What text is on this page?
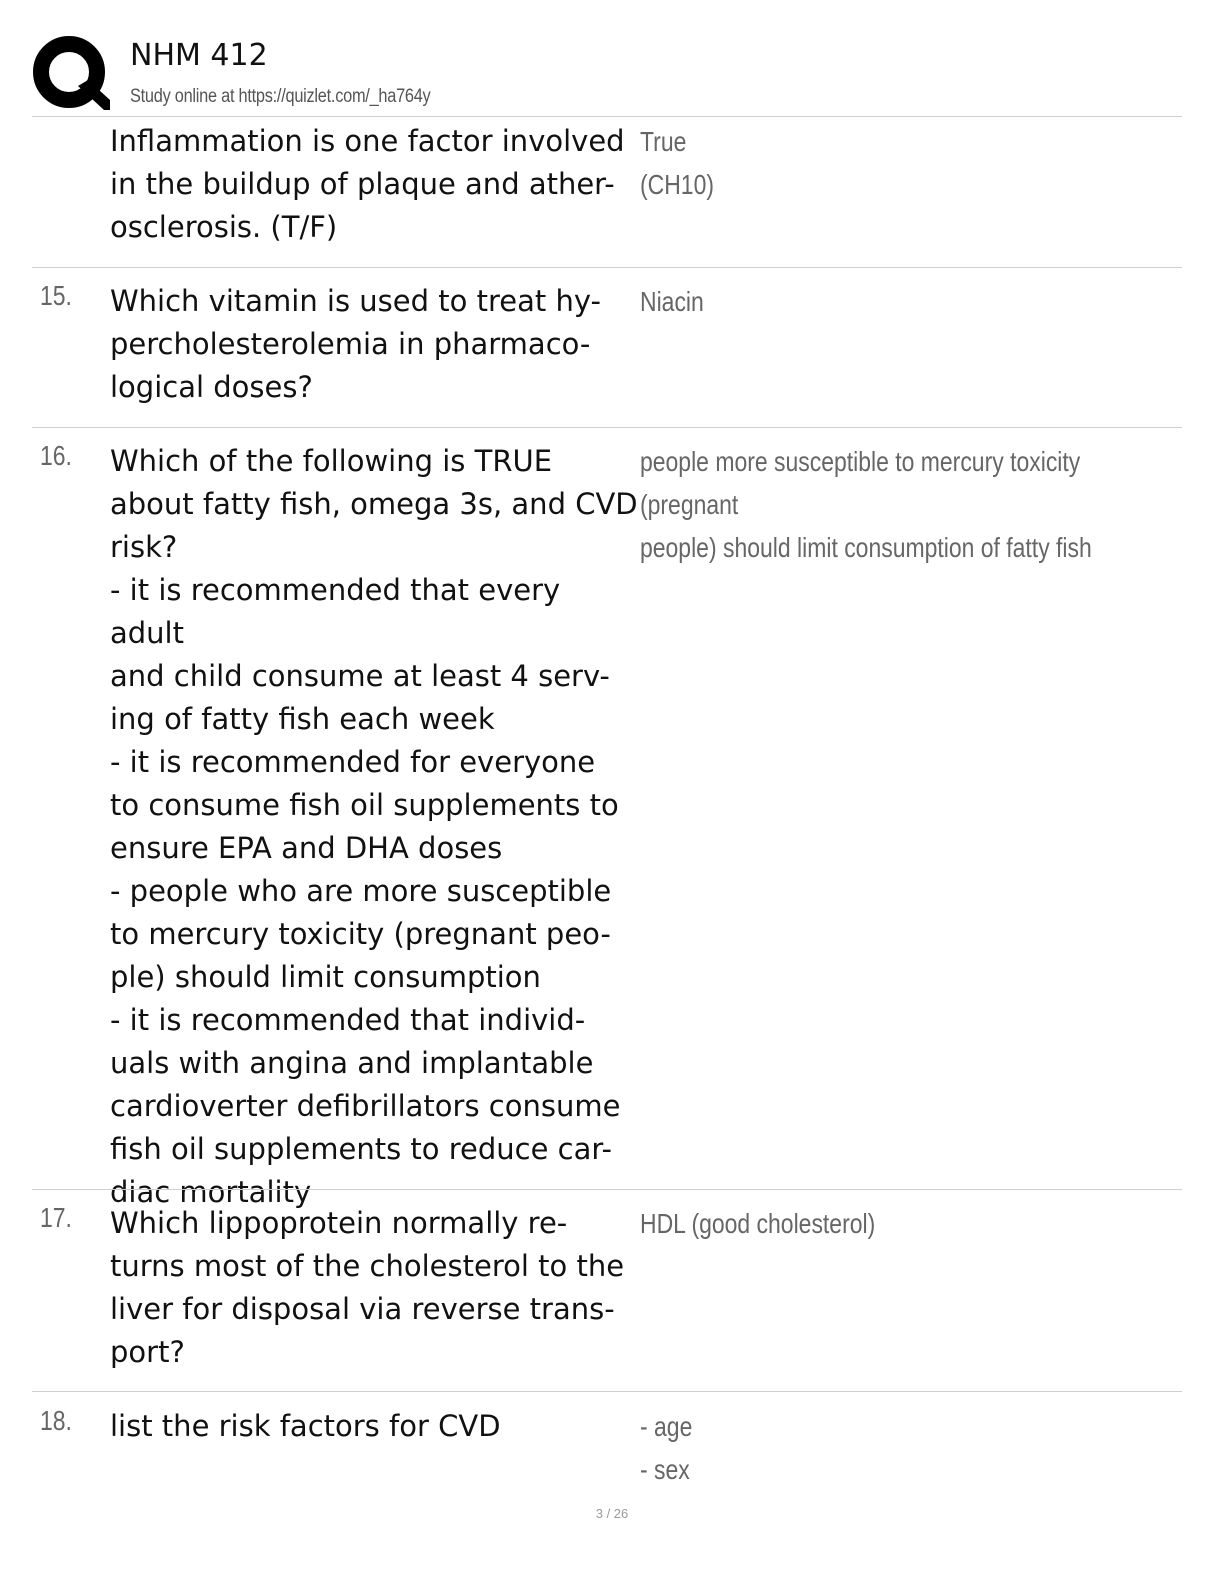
NHM 412
Study online at https://quizlet.com/_ha764y
Inflammation is one factor involved
in the buildup of plaque and ather-
osclerosis. (T/F)
True
(CH10)
15. Which vitamin is used to treat hy-
percholesterolemia in pharmaco-
logical doses?
Niacin
16. Which of the following is TRUE
about fatty fish, omega 3s, and CVD
risk?
- it is recommended that every adult
and child consume at least 4 serv-
ing of fatty fish each week
- it is recommended for everyone
to consume fish oil supplements to
ensure EPA and DHA doses
- people who are more susceptible
to mercury toxicity (pregnant peo-
ple) should limit consumption
- it is recommended that individ-
uals with angina and implantable
cardioverter defibrillators consume
fish oil supplements to reduce car-
diac mortality
people more susceptible to mercury toxicity (pregnant
people) should limit consumption of fatty fish
17. Which lippoprotein normally re-
turns most of the cholesterol to the
liver for disposal via reverse trans-
port?
HDL (good cholesterol)
18. list the risk factors for CVD	- age
- sex
3 / 26
